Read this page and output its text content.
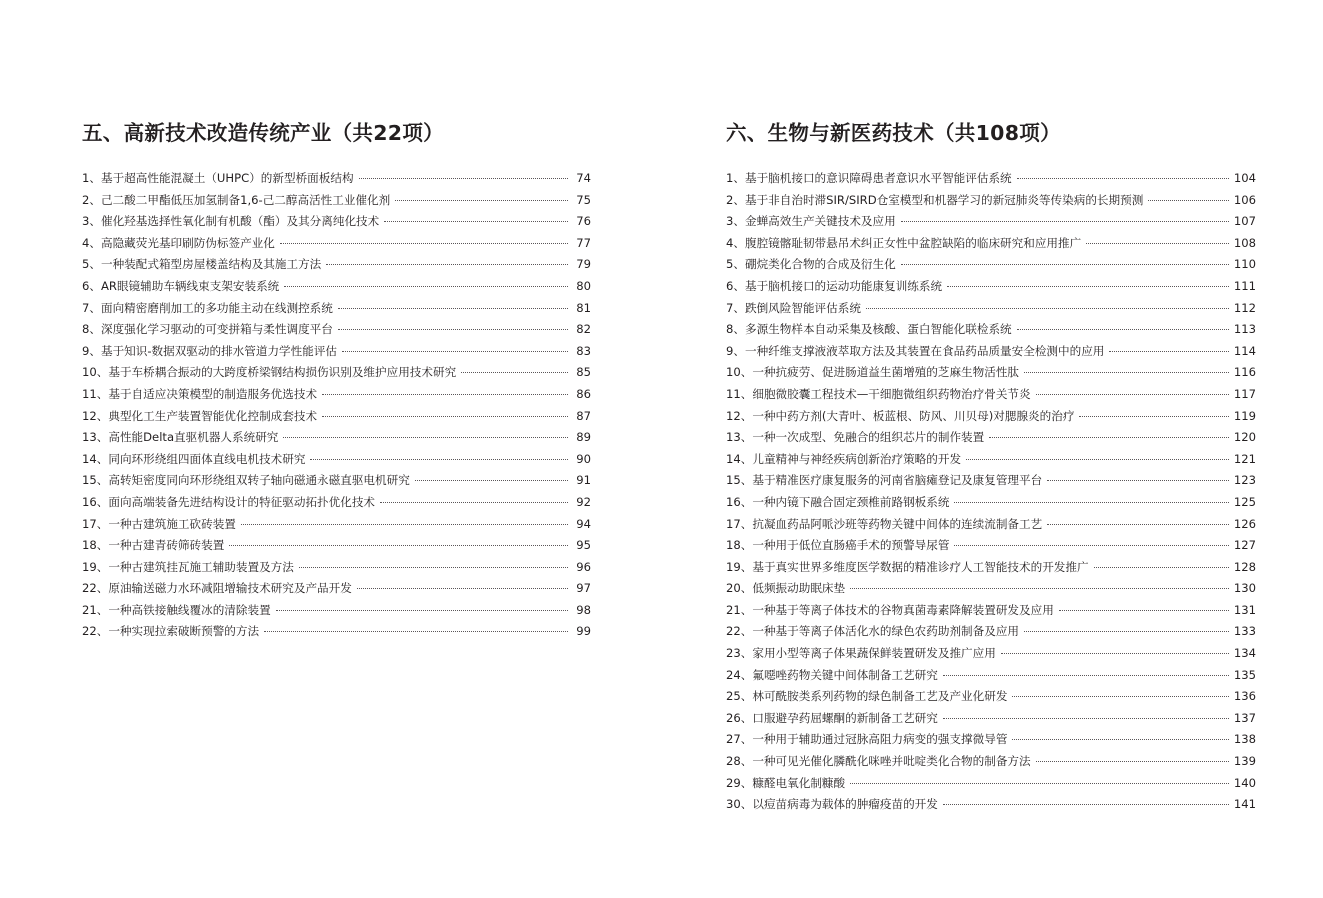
五、高新技术改造传统产业（共22项）
1、基于超高性能混凝土（UHPC）的新型桥面板结构	74
2、己二酸二甲酯低压加氢制备1,6-己二醇高活性工业催化剂	75
3、催化羟基选择性氧化制有机酸（酯）及其分离纯化技术	76
4、高隐藏荧光基印刷防伪标签产业化	77
5、一种装配式箱型房屋楼盖结构及其施工方法	79
6、AR眼镜辅助车辆线束支架安装系统	80
7、面向精密磨削加工的多功能主动在线测控系统	81
8、深度强化学习驱动的可变拼箱与柔性调度平台	82
9、基于知识-数据双驱动的排水管道力学性能评估	83
10、基于车桥耦合振动的大跨度桥梁钢结构损伤识别及维护应用技术研究	85
11、基于自适应决策模型的制造服务优选技术	86
12、典型化工生产装置智能优化控制成套技术	87
13、高性能Delta直驱机器人系统研究	89
14、同向环形绕组四面体直线电机技术研究	90
15、高转矩密度同向环形绕组双转子轴向磁通永磁直驱电机研究	91
16、面向高端装备先进结构设计的特征驱动拓扑优化技术	92
17、一种古建筑施工砍砖装置	94
18、一种古建青砖筛砖装置	95
19、一种古建筑挂瓦施工辅助装置及方法	96
22、原油输送磁力水环减阻增输技术研究及产品开发	97
21、一种高铁接触线覆冰的清除装置	98
22、一种实现拉索破断预警的方法	99
六、生物与新医药技术（共108项）
1、基于脑机接口的意识障碍患者意识水平智能评估系统	104
2、基于非自治时滞SIR/SIRD仓室模型和机器学习的新冠肺炎等传染病的长期预测	106
3、金蝉高效生产关键技术及应用	107
4、腹腔镜髂耻韧带悬吊术纠正女性中盆腔缺陷的临床研究和应用推广	108
5、硼烷类化合物的合成及衍生化	110
6、基于脑机接口的运动功能康复训练系统	111
7、跌倒风险智能评估系统	112
8、多源生物样本自动采集及核酸、蛋白智能化联检系统	113
9、一种纤维支撑液液萃取方法及其装置在食品药品质量安全检测中的应用	114
10、一种抗疲劳、促进肠道益生菌增殖的芝麻生物活性肽	116
11、细胞微胶囊工程技术—干细胞微组织药物治疗骨关节炎	117
12、一种中药方剂(大青叶、板蓝根、防风、川贝母)对腮腺炎的治疗	119
13、一种一次成型、免融合的组织芯片的制作装置	120
14、儿童精神与神经疾病创新治疗策略的开发	121
15、基于精准医疗康复服务的河南省脑瘫登记及康复管理平台	123
16、一种内镜下融合固定颈椎前路钢板系统	125
17、抗凝血药品阿哌沙班等药物关键中间体的连续流制备工艺	126
18、一种用于低位直肠癌手术的预警导尿管	127
19、基于真实世界多维度医学数据的精准诊疗人工智能技术的开发推广	128
20、低频振动助眠床垫	130
21、一种基于等离子体技术的谷物真菌毒素降解装置研发及应用	131
22、一种基于等离子体活化水的绿色农药助剂制备及应用	133
23、家用小型等离子体果蔬保鲜装置研发及推广应用	134
24、氟噁唑药物关键中间体制备工艺研究	135
25、林可酰胺类系列药物的绿色制备工艺及产业化研发	136
26、口服避孕药屈螺酮的新制备工艺研究	137
27、一种用于辅助通过冠脉高阻力病变的强支撑微导管	138
28、一种可见光催化膦酰化咪唑并吡啶类化合物的制备方法	139
29、糠醛电氧化制糠酸	140
30、以痘苗病毒为载体的肿瘤疫苗的开发	141
